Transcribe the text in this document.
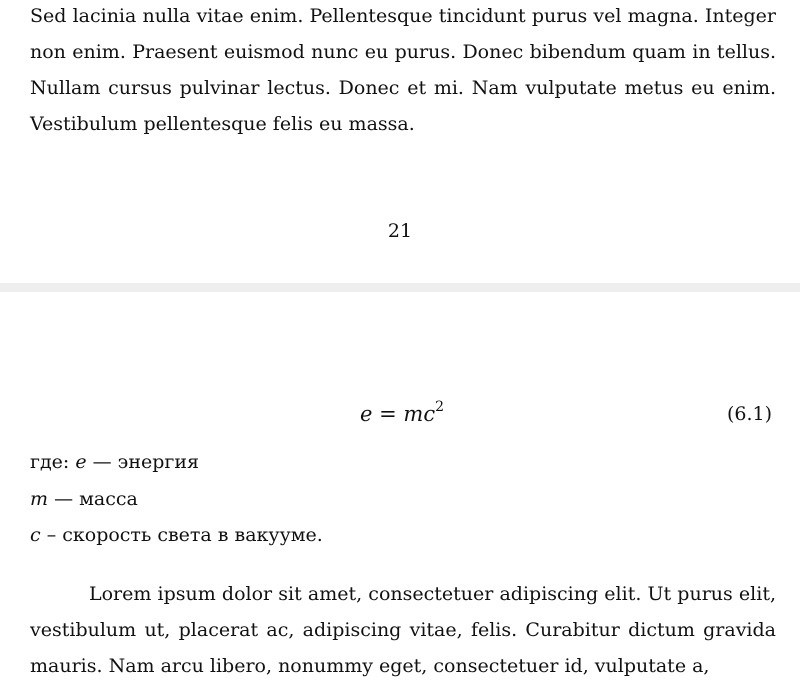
Sed lacinia nulla vitae enim. Pellentesque tincidunt purus vel magna. Integer non enim. Praesent euismod nunc eu purus. Donec bibendum quam in tellus. Nullam cursus pulvinar lectus. Donec et mi. Nam vulputate metus eu enim. Vestibulum pellentesque felis eu massa.

21
$e = mc^2$	(6.1)
где: e — энергия
m — масса
c – скорость света в вакууме.

Lorem ipsum dolor sit amet, consectetuer adipiscing elit. Ut purus elit, vestibulum ut, placerat ac, adipiscing vitae, felis. Curabitur dictum gravida mauris. Nam arcu libero, nonummy eget, consectetuer id, vulputate a,
